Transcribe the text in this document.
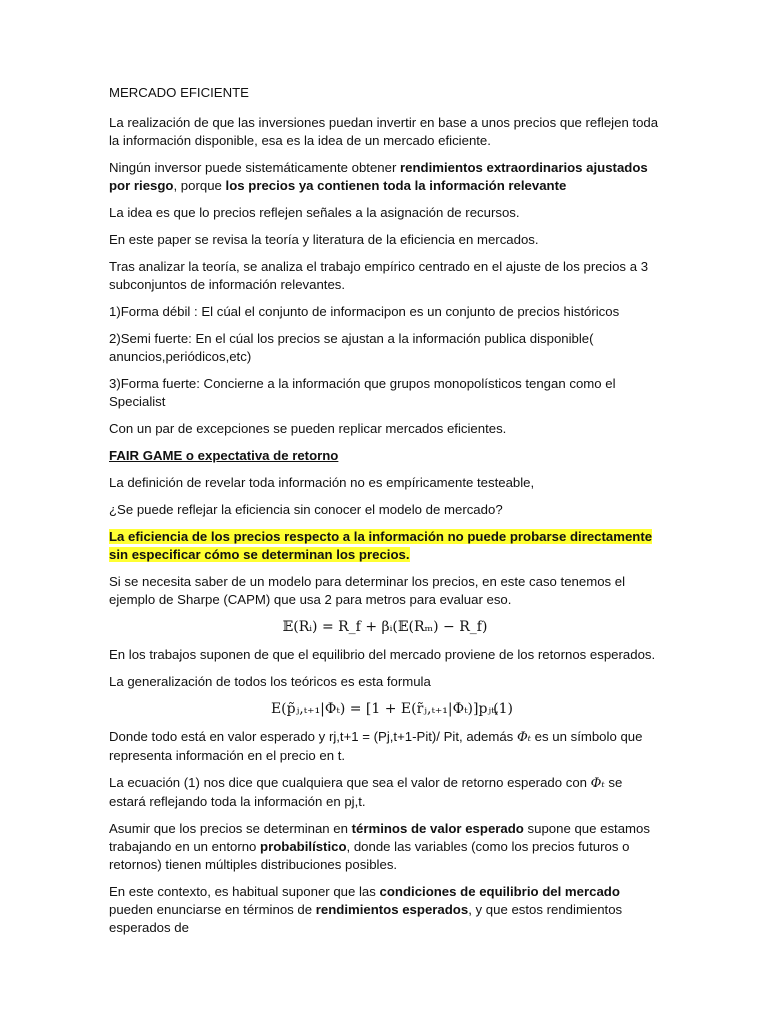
MERCADO EFICIENTE

La realización de que las inversiones puedan invertir en base a unos precios que reflejen toda la información disponible, esa es la idea de un mercado eficiente.

Ningún inversor puede sistemáticamente obtener rendimientos extraordinarios ajustados por riesgo, porque los precios ya contienen toda la información relevante

La idea es que lo precios reflejen señales a la asignación de recursos.

En este paper se revisa la teoría y literatura de la eficiencia en mercados.

Tras analizar la teoría, se analiza el trabajo empírico centrado en el ajuste de los precios a 3 subconjuntos de información relevantes.

1)Forma débil : El cúal el conjunto de informacipon es un conjunto de precios históricos

2)Semi fuerte: En el cúal los precios se ajustan a la información publica disponible( anuncios,periódicos,etc)

3)Forma fuerte: Concierne a la información que grupos monopolísticos tengan como el Specialist

Con un par de excepciones se pueden replicar mercados eficientes.

FAIR GAME o expectativa de retorno

La definición de revelar toda información no es empíricamente testeable,

¿Se puede reflejar la eficiencia sin conocer el modelo de mercado?

La eficiencia de los precios respecto a la información no puede probarse directamente sin especificar cómo se determinan los precios.

Si se necesita saber de un modelo para determinar los precios, en este caso tenemos el ejemplo de Sharpe (CAPM) que usa 2 para metros para evaluar eso.

𝔼(Rᵢ) = R_f + βᵢ(𝔼(Rₘ) − R_f)

En los trabajos suponen de que el equilibrio del mercado proviene de los retornos esperados.

La generalización de todos los teóricos es esta formula

E(p̃ⱼ,ₜ₊₁|Φₜ) = [1 + E(r̃ⱼ,ₜ₊₁|Φₜ)]pⱼₜ,
(1)

Donde todo está en valor esperado y rj,t+1 = (Pj,t+1-Pit)/ Pit, además Φₜ es un símbolo que representa información en el precio en t.

La ecuación (1) nos dice que cualquiera que sea el valor de retorno esperado con Φₜ se estará reflejando toda la información en pj,t.

Asumir que los precios se determinan en términos de valor esperado supone que estamos trabajando en un entorno probabilístico, donde las variables (como los precios futuros o retornos) tienen múltiples distribuciones posibles.

En este contexto, es habitual suponer que las condiciones de equilibrio del mercado pueden enunciarse en términos de rendimientos esperados, y que estos rendimientos esperados de
